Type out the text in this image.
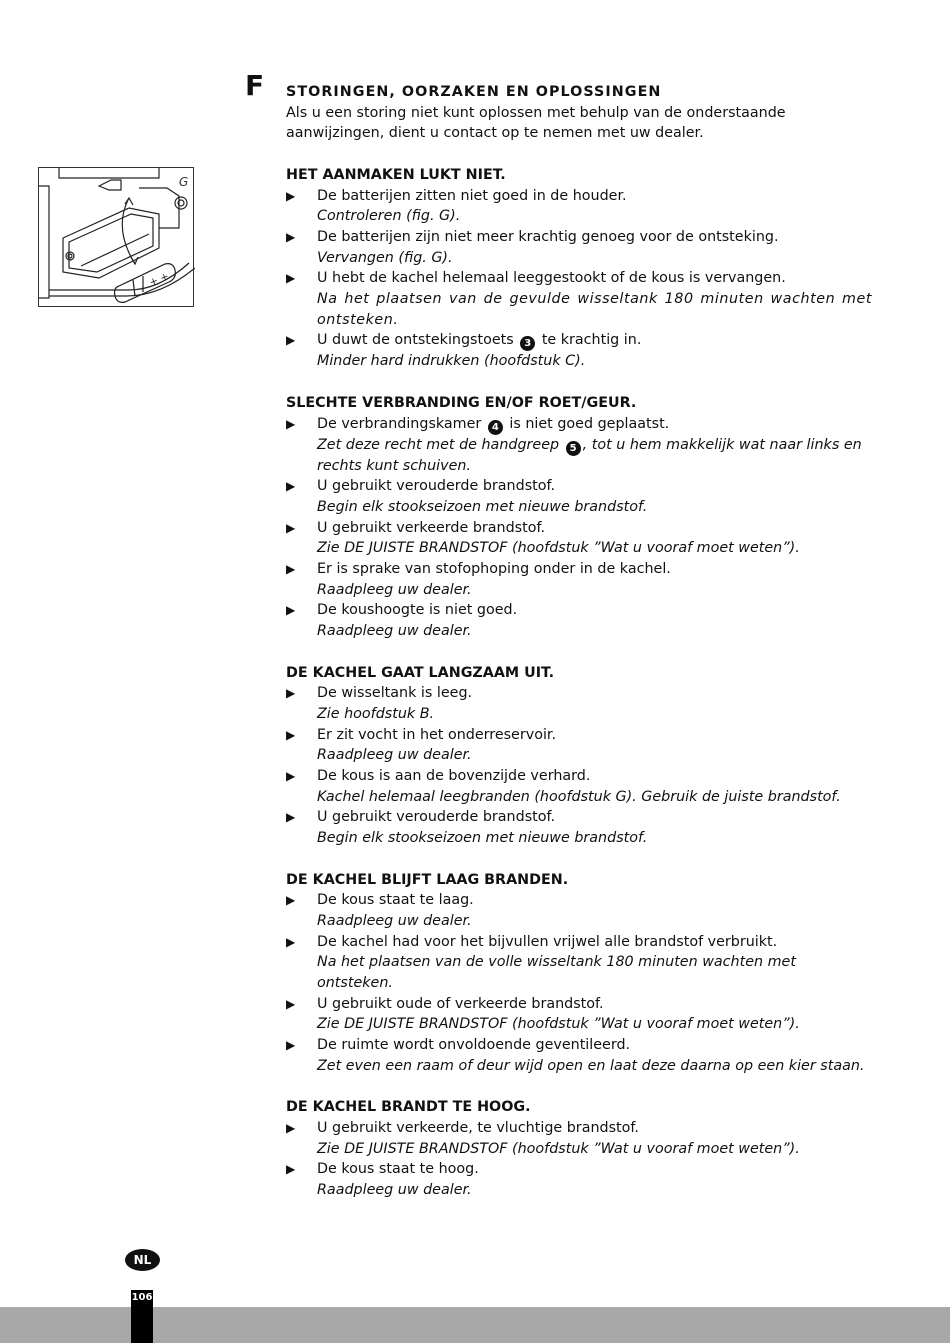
F
+ +
G
STORINGEN, OORZAKEN EN OPLOSSINGEN

Als u een storing niet kunt oplossen met behulp van de onderstaande aanwijzingen, dient u contact op te nemen met uw dealer.

HET AANMAKEN LUKT NIET.
▶ De batterijen zitten niet goed in de houder.
Controleren (fig. G).
▶ De batterijen zijn niet meer krachtig genoeg voor de ontsteking.
Vervangen (fig. G).
▶ U hebt de kachel helemaal leeggestookt of de kous is vervangen.
Na het plaatsen van de gevulde wisseltank 180 minuten wachten met ontsteken.
▶ U duwt de ontstekingstoets 3 te krachtig in.
Minder hard indrukken (hoofdstuk C).
SLECHTE VERBRANDING EN/OF ROET/GEUR.
▶ De verbrandingskamer 4 is niet goed geplaatst.
Zet deze recht met de handgreep 5 , tot u hem makkelijk wat naar links en rechts kunt schuiven.
▶ U gebruikt verouderde brandstof.
Begin elk stookseizoen met nieuwe brandstof.
▶ U gebruikt verkeerde brandstof.
Zie DE JUISTE BRANDSTOF (hoofdstuk ”Wat u vooraf moet weten”).
▶ Er is sprake van stofophoping onder in de kachel.
Raadpleeg uw dealer.
▶ De koushoogte is niet goed.
Raadpleeg uw dealer.
DE KACHEL GAAT LANGZAAM UIT.
▶ De wisseltank is leeg.
Zie hoofdstuk B.
▶ Er zit vocht in het onderreservoir.
Raadpleeg uw dealer.
▶ De kous is aan de bovenzijde verhard.
Kachel helemaal leegbranden (hoofdstuk G). Gebruik de juiste brandstof.
▶ U gebruikt verouderde brandstof.
Begin elk stookseizoen met nieuwe brandstof.
DE KACHEL BLIJFT LAAG BRANDEN.
▶ De kous staat te laag.
Raadpleeg uw dealer.
▶ De kachel had voor het bijvullen vrijwel alle brandstof verbruikt.
Na het plaatsen van de volle wisseltank 180 minuten wachten met ontsteken.
▶ U gebruikt oude of verkeerde brandstof.
Zie DE JUISTE BRANDSTOF (hoofdstuk ”Wat u vooraf moet weten”).
▶ De ruimte wordt onvoldoende geventileerd.
Zet even een raam of deur wijd open en laat deze daarna op een kier staan.
DE KACHEL BRANDT TE HOOG.
▶ U gebruikt verkeerde, te vluchtige brandstof.
Zie DE JUISTE BRANDSTOF (hoofdstuk ”Wat u vooraf moet weten”).
▶ De kous staat te hoog.
Raadpleeg uw dealer.
NL
106
